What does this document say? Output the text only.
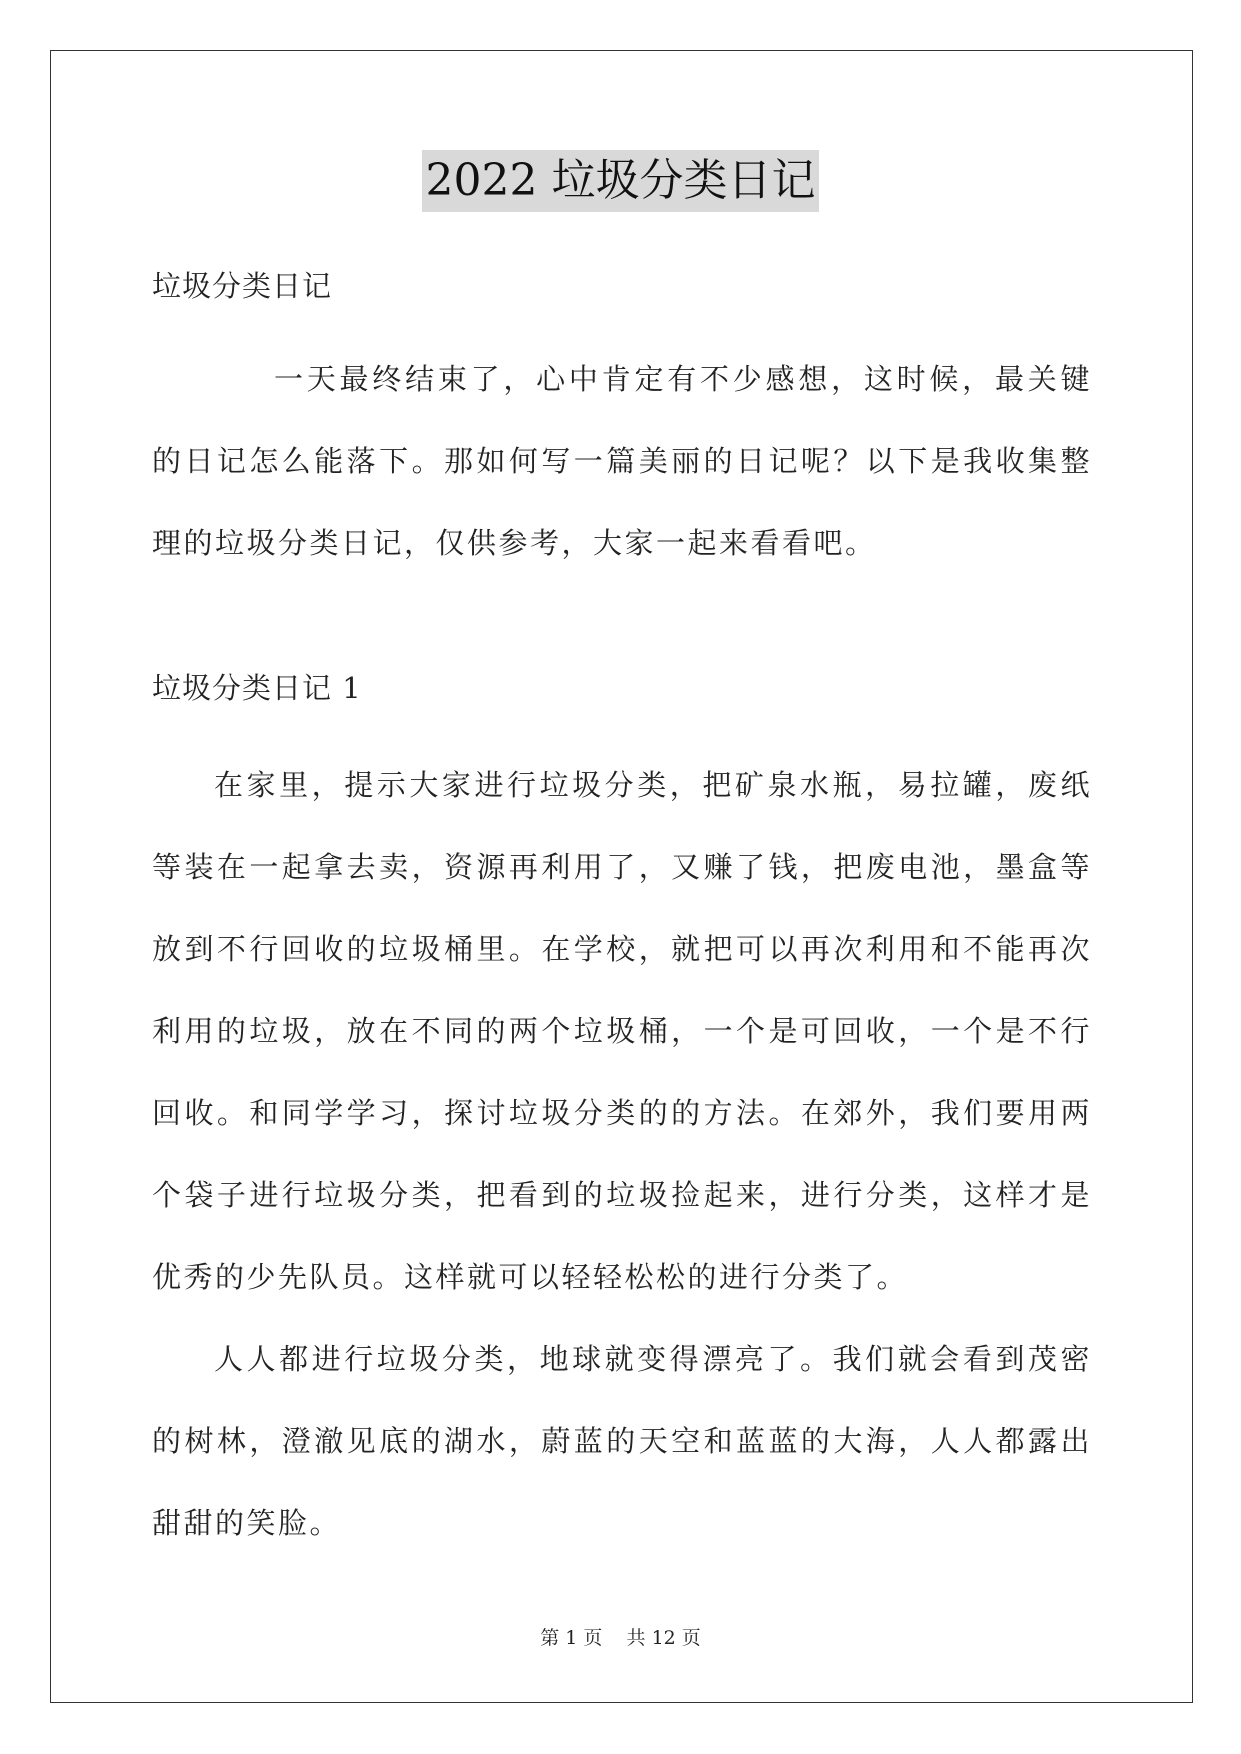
2022 垃圾分类日记

垃圾分类日记

一天最终结束了，心中肯定有不少感想，这时候，最关键的日记怎么能落下。那如何写一篇美丽的日记呢？以下是我收集整理的垃圾分类日记，仅供参考，大家一起来看看吧。

垃圾分类日记 1

在家里，提示大家进行垃圾分类，把矿泉水瓶，易拉罐，废纸等装在一起拿去卖，资源再利用了，又赚了钱，把废电池，墨盒等放到不行回收的垃圾桶里。在学校，就把可以再次利用和不能再次利用的垃圾，放在不同的两个垃圾桶，一个是可回收，一个是不行回收。和同学学习，探讨垃圾分类的的方法。在郊外，我们要用两个袋子进行垃圾分类，把看到的垃圾捡起来，进行分类，这样才是优秀的少先队员。这样就可以轻轻松松的进行分类了。

人人都进行垃圾分类，地球就变得漂亮了。我们就会看到茂密的树林，澄澈见底的湖水，蔚蓝的天空和蓝蓝的大海，人人都露出甜甜的笑脸。

第 1 页 共 12 页
